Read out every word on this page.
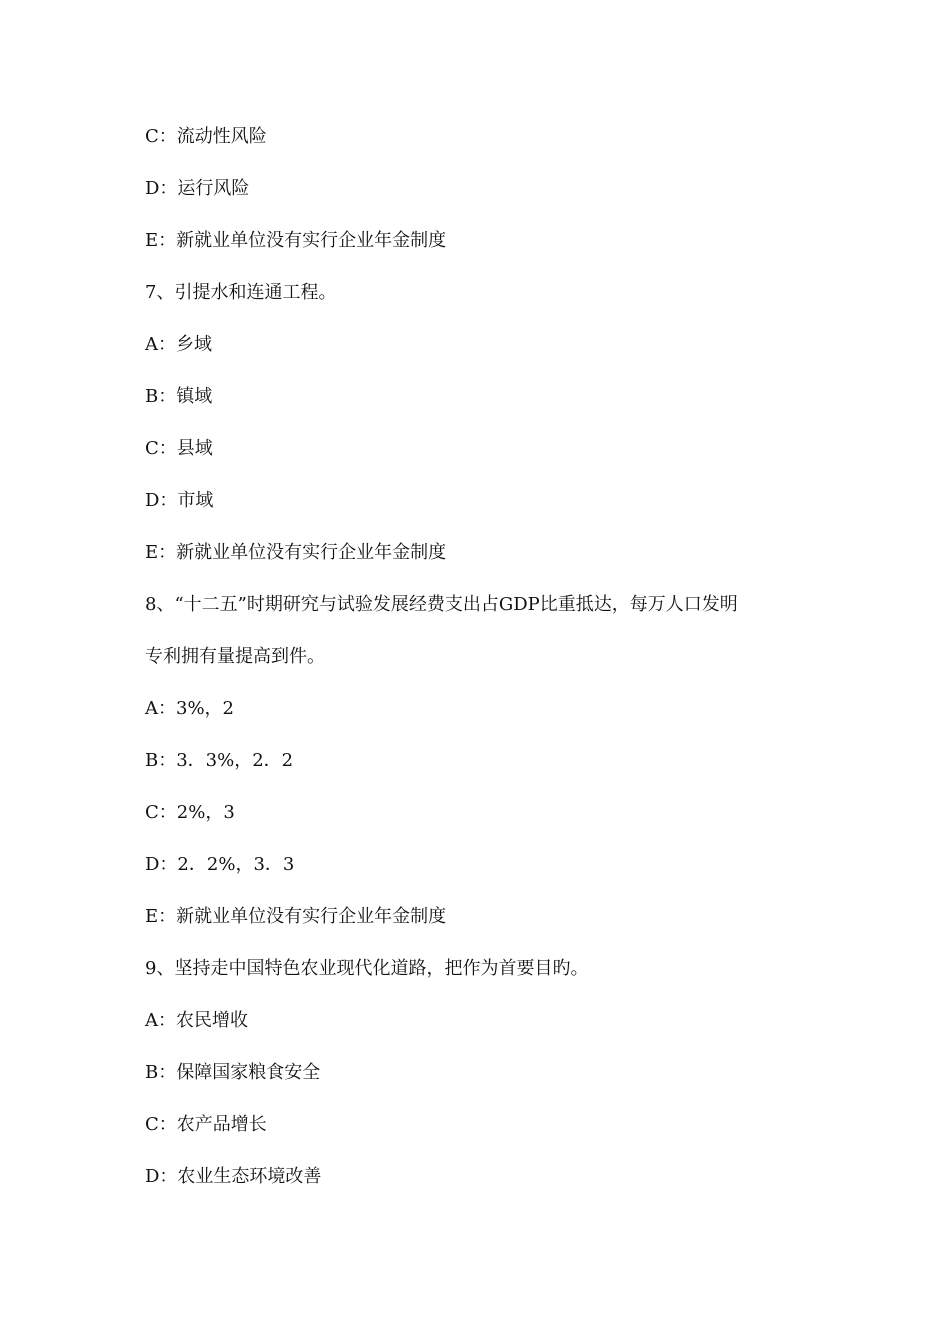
C：流动性风险

D：运行风险

E：新就业单位没有实行企业年金制度

7、引提水和连通工程。

A：乡域

B：镇域

C：县域

D：市域

E：新就业单位没有实行企业年金制度

8、“十二五”时期研究与试验发展经费支出占GDP比重抵达，每万人口发明

专利拥有量提高到件。

A：3%，2

B：3．3%，2．2

C：2%，3

D：2．2%，3．3

E：新就业单位没有实行企业年金制度

9、坚持走中国特色农业现代化道路，把作为首要目旳。

A：农民增收

B：保障国家粮食安全

C：农产品增长

D：农业生态环境改善
